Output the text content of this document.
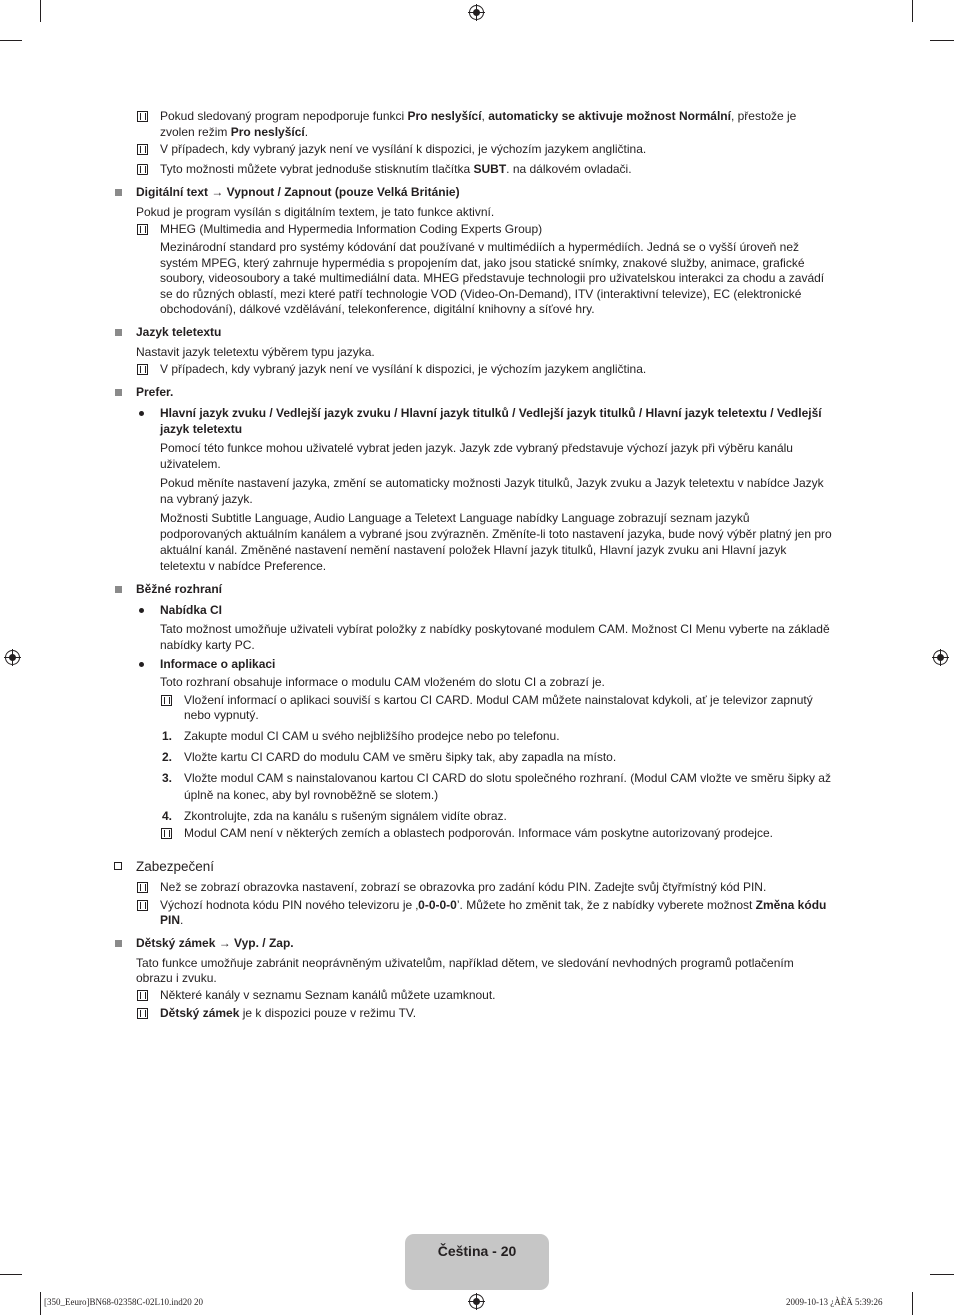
Pokud sledovaný program nepodporuje funkci Pro neslyšící, automaticky se aktivuje možnost Normální, přestože je
zvolen režim Pro neslyšící.
V případech, kdy vybraný jazyk není ve vysílání k dispozici, je výchozím jazykem angličtina.
Tyto možnosti můžete vybrat jednoduše stisknutím tlačítka SUBT. na dálkovém ovladači.
Digitální text → Vypnout / Zapnout (pouze Velká Británie)
Pokud je program vysílán s digitálním textem, je tato funkce aktivní.
MHEG (Multimedia and Hypermedia Information Coding Experts Group)
Mezinárodní standard pro systémy kódování dat používané v multimédiích a hypermédiích. Jedná se o vyšší úroveň než
systém MPEG, který zahrnuje hypermédia s propojením dat, jako jsou statické snímky, znakové služby, animace, grafické
soubory, videosoubory a také multimediální data. MHEG představuje technologii pro uživatelskou interakci za chodu a zavádí
se do různých oblastí, mezi které patří technologie VOD (Video-On-Demand), ITV (interaktivní televize), EC (elektronické
obchodování), dálkové vzdělávání, telekonference, digitální knihovny a síťové hry.
Jazyk teletextu
Nastavit jazyk teletextu výběrem typu jazyka.
V případech, kdy vybraný jazyk není ve vysílání k dispozici, je výchozím jazykem angličtina.
Prefer.
Hlavní jazyk zvuku / Vedlejší jazyk zvuku / Hlavní jazyk titulků / Vedlejší jazyk titulků / Hlavní jazyk teletextu / Vedlejší
jazyk teletextu
Pomocí této funkce mohou uživatelé vybrat jeden jazyk. Jazyk zde vybraný představuje výchozí jazyk při výběru kanálu
uživatelem.
Pokud měníte nastavení jazyka, změní se automaticky možnosti Jazyk titulků, Jazyk zvuku a Jazyk teletextu v nabídce Jazyk
na vybraný jazyk.
Možnosti Subtitle Language, Audio Language a Teletext Language nabídky Language zobrazují seznam jazyků
podporovaných aktuálním kanálem a vybrané jsou zvýrazněn. Změníte-li toto nastavení jazyka, bude nový výběr platný jen pro
aktuální kanál. Změněné nastavení nemění nastavení položek Hlavní jazyk titulků, Hlavní jazyk zvuku ani Hlavní jazyk
teletextu v nabídce Preference.
Běžné rozhraní
Nabídka CI
Tato možnost umožňuje uživateli vybírat položky z nabídky poskytované modulem CAM. Možnost CI Menu vyberte na základě
nabídky karty PC.
Informace o aplikaci
Toto rozhraní obsahuje informace o modulu CAM vloženém do slotu CI a zobrazí je.
Vložení informací o aplikaci souviší s kartou CI CARD. Modul CAM můžete nainstalovat kdykoli, ať je televizor zapnutý
nebo vypnutý.
1. Zakupte modul CI CAM u svého nejbližšího prodejce nebo po telefonu.
2. Vložte kartu CI CARD do modulu CAM ve směru šipky tak, aby zapadla na místo.
3. Vložte modul CAM s nainstalovanou kartou CI CARD do slotu společného rozhraní. (Modul CAM vložte ve směru šipky až
úplně na konec, aby byl rovnoběžně se slotem.)
4. Zkontrolujte, zda na kanálu s rušeným signálem vidíte obraz.
Modul CAM není v některých zemích a oblastech podporován. Informace vám poskytne autorizovaný prodejce.
Zabezpečení
Než se zobrazí obrazovka nastavení, zobrazí se obrazovka pro zadání kódu PIN. Zadejte svůj čtyřmístný kód PIN.
Výchozí hodnota kódu PIN nového televizoru je ‚0-0-0-0’. Můžete ho změnit tak, že z nabídky vyberete možnost Změna kódu
PIN.
Dětský zámek → Vyp. / Zap.
Tato funkce umožňuje zabránit neoprávněným uživatelům, například dětem, ve sledování nevhodných programů potlačením
obrazu i zvuku.
Některé kanály v seznamu Seznam kanálů můžete uzamknout.
Dětský zámek je k dispozici pouze v režimu TV.
Čeština - 20
[350_Eeuro]BN68-02358C-02L10.ind20 20	2009-10-13 ¿ÀÈÄ 5:39:26
